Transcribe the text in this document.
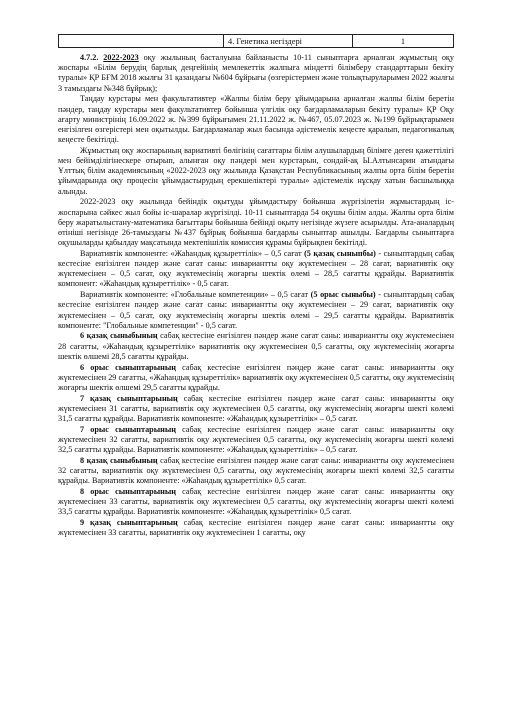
	4. Генетика негіздері	1

4.7.2. 2022-2023 оқу жылының басталуына байланысты 10-11 сыныптарға арналған жұмыстың оқу жоспары «Білім берудің барлық деңгейінің мемлекеттік жалпыға міндетті білімберу стандарттарын бекіту туралы» ҚР БҒМ 2018 жылғы 31 қазандағы №604 бұйрығы (өзгерістермен және толықтыруларымен 2022 жылғы 3 тамыздағы №348 бұйрық);

Таңдау курстары мен факультативтер «Жалпы білім беру ұйымдарына арналған жалпы білім беретін пәндер, таңдау курстары мен факультативтер бойынша үлгілік оқу бағдарламаларын бекіту туралы» ҚР Оқу ағарту министрінің 16.09.2022 ж. №399 бұйрығымен 21.11.2022 ж. №467, 05.07.2023 ж. №199 бұйрықтарымен енгізілген өзгерістері мен оқытылды. Бағдарламалар жыл басында әдістемелік кеңесте қаралып, педагогикалық кеңесте бекітілді.

Жұмыстың оқу жоспарының вариативті бөлігінің сағаттары білім алушылардың білімге деген қажеттілігі мен бейімділігінескере отырып, алынған оқу пәндері мен курстарын, сондай-ақ Ы.Алтынсарин атындағы Ұлттық білім академиясының «2022-2023 оқу жылында Қазақстан Республикасының жалпы орта білім беретін ұйымдарында оқу процесін ұйымдастырудың ерекшеліктері туралы» әдістемелік нұсқау хатын басшылыққа алынды.

2022-2023 оқу жылында бейіндік оқытуды ұйымдастыру бойынша жүргізілетін жұмыстардың іс-жоспарына сәйкес жыл бойы іс-шаралар жүргізілді. 10-11 сыныптарда 54 оқушы білім алды. Жалпы орта білім беру жаратылыстану-математика бағыттары бойынша бейінді оқыту негізінде жүзеге асырылды. Ата-аналардың өтініші негізінде 26-тамыздағы №437 бұйрық бойынша бағдарлы сыныптар ашылды. Бағдарлы сыныптарға оқушыларды қабылдау мақсатында мектепішілік комиссия құрамы бұйрықпен бекітілді.

Вариативтік компоненте: «Жаһандық құзыреттілік» – 0,5 сағат (5 қазақ сыныпбы) - сыныптардың сабақ кестесіне енгізілген пәндер және сағат саны: инвариантты оқу жүктемесінен – 28 сағат, вариативтік оқу жүктемесінен – 0,5 сағат, оқу жүктемесінің жоғарғы шектік өлемі – 28,5 сағатты құрайды. Вариативтік компонент: «Жаһандық құзыреттілік» - 0,5 сағат.

Вариативтік компоненте: «Глобальные компетенции» – 0,5 сағат (5 орыс сыныбы) - сыныптардың сабақ кестесіне енгізілген пәндер және сағат саны: инвариантты оқу жүктемесінен – 29 сағат, вариативтік оқу жүктемесінен – 0,5 сағат, оқу жүктемесінің жоғарғы шектік өлемі – 29,5 сағатты құрайды. Вариативтік компоненте: "Глобальные компетенции" - 0,5 сағат.

6 қазақ сыныбының сабақ кестесіне енгізілген пәндер және сағат саны: инвариантты оқу жүктемесінен 28 сағатты, «Жаһандық құзыреттілік» вариативтік оқу жүктемесінен 0,5 сағатты, оқу жүктемесінің жоғарғы шектік өлшемі 28,5 сағатты құрайды.

6 орыс сыныптарының сабақ кестесіне енгізілген пәндер және сағат саны: инвариантты оқу жүктемесінен 29 сағатты, «Жаһандық құзыреттілік» вариативтік оқу жүктемесінен 0,5 сағатты, оқу жүктемесінің жоғарғы шектік өлшемі 29,5 сағатты құрайды.

7 қазақ сыныптарының сабақ кестесіне енгізілген пәндер және сағат саны: инвариантты оқу жүктемесінен 31 сағатты, вариативтік оқу жүктемесінен 0,5 сағатты, оқу жүктемесінің жоғарғы шекті көлемі 31,5 сағатты құрайды. Вариативтік компоненте: «Жаһандық құзыреттілік» – 0,5 сағат.

7 орыс сыныптарының сабақ кестесіне енгізілген пәндер және сағат саны: инвариантты оқу жүктемесінен 32 сағатты, вариативтік оқу жүктемесінен 0,5 сағатты, оқу жүктемесінің жоғарғы шекті көлемі 32,5 сағатты құрайды. Вариативтік компоненте: «Жаһандық құзыреттілік» – 0,5 сағат.

8 қазақ сыныбының сабақ кестесіне енгізілген пәндер және сағат саны: инвариантты оқу жүктемесінен 32 сағатты, вариативтік оқу жүктемесінен 0,5 сағатты, оқу жүктемесінің жоғарғы шекті көлемі 32,5 сағатты құрайды. Вариативтік компоненте: «Жаһандық құзыреттілік» 0,5 сағат.

8 орыс сыныптарының сабақ кестесіне енгізілген пәндер және сағат саны: инвариантты оқу жүктемесінен 33 сағатты, вариативтік оқу жүктемесінен 0,5 сағатты, оқу жүктемесінің жоғарғы шекті көлемі 33,5 сағатты құрайды. Вариативтік компоненте: «Жаһандық құзыреттілік» 0,5 сағат.

9 қазақ сыныптарының сабақ кестесіне енгізілген пәндер және сағат саны: инвариантты оқу жүктемесінен 33 сағатты, вариативтік оқу жүктемесінен 1 сағатты, оқу
